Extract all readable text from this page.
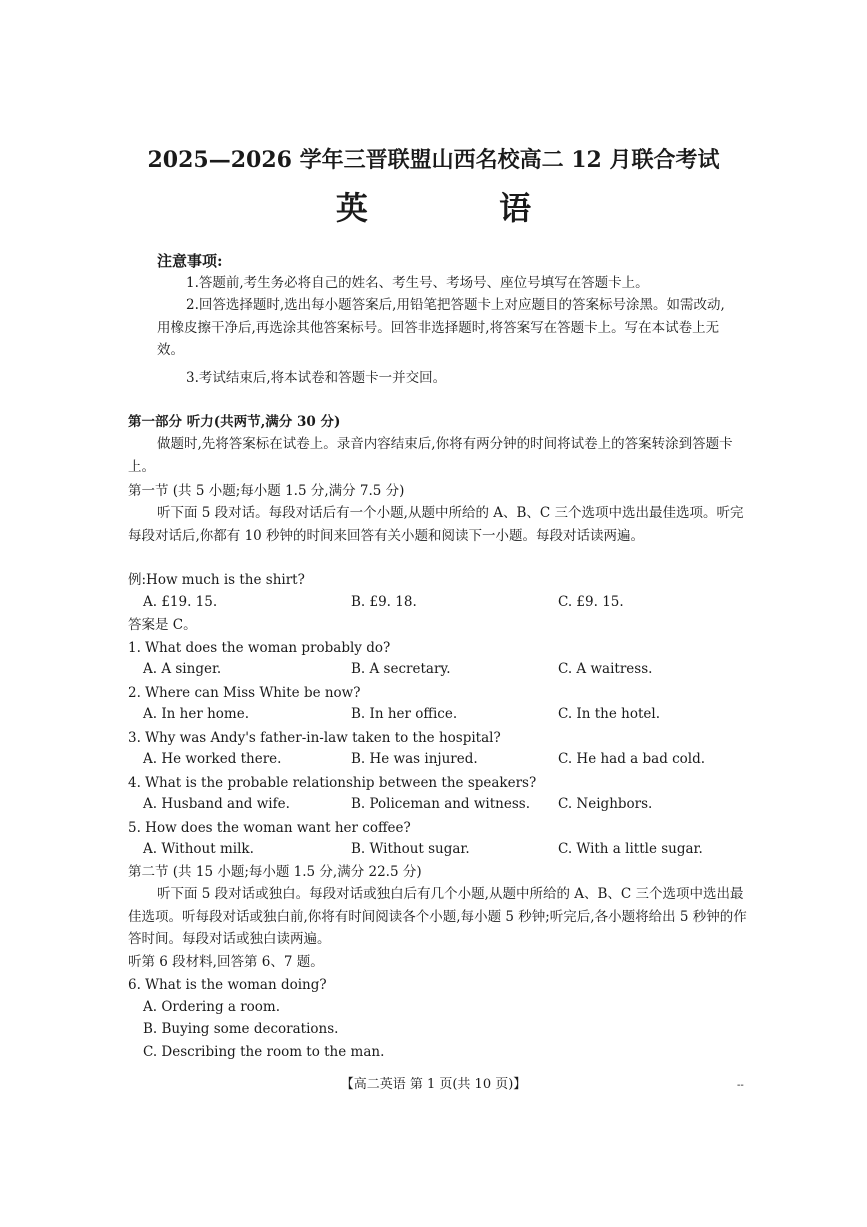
2025—2026 学年三晋联盟山西名校高二 12 月联合考试
英 语
注意事项:
1.答题前,考生务必将自己的姓名、考生号、考场号、座位号填写在答题卡上。
2.回答选择题时,选出每小题答案后,用铅笔把答题卡上对应题目的答案标号涂黑。如需改动,用橡皮擦干净后,再选涂其他答案标号。回答非选择题时,将答案写在答题卡上。写在本试卷上无效。
3.考试结束后,将本试卷和答题卡一并交回。
第一部分 听力(共两节,满分 30 分)
做题时,先将答案标在试卷上。录音内容结束后,你将有两分钟的时间将试卷上的答案转涂到答题卡上。
第一节 (共 5 小题;每小题 1.5 分,满分 7.5 分)
听下面 5 段对话。每段对话后有一个小题,从题中所给的 A、B、C 三个选项中选出最佳选项。听完每段对话后,你都有 10 秒钟的时间来回答有关小题和阅读下一小题。每段对话读两遍。
例:How much is the shirt?
A. £19. 15.	B. £9. 18.	C. £9. 15.
答案是 C。
1. What does the woman probably do?
A. A singer.	B. A secretary.	C. A waitress.
2. Where can Miss White be now?
A. In her home.	B. In her office.	C. In the hotel.
3. Why was Andy's father-in-law taken to the hospital?
A. He worked there.	B. He was injured.	C. He had a bad cold.
4. What is the probable relationship between the speakers?
A. Husband and wife.	B. Policeman and witness. C. Neighbors.
5. How does the woman want her coffee?
A. Without milk.	B. Without sugar.	C. With a little sugar.
第二节 (共 15 小题;每小题 1.5 分,满分 22.5 分)
听下面 5 段对话或独白。每段对话或独白后有几个小题,从题中所给的 A、B、C 三个选项中选出最佳选项。听每段对话或独白前,你将有时间阅读各个小题,每小题 5 秒钟;听完后,各小题将给出 5 秒钟的作答时间。每段对话或独白读两遍。
听第 6 段材料,回答第 6、7 题。
6. What is the woman doing?
A. Ordering a room.
B. Buying some decorations.
C. Describing the room to the man.
【高二英语 第 1 页(共 10 页)】	--
